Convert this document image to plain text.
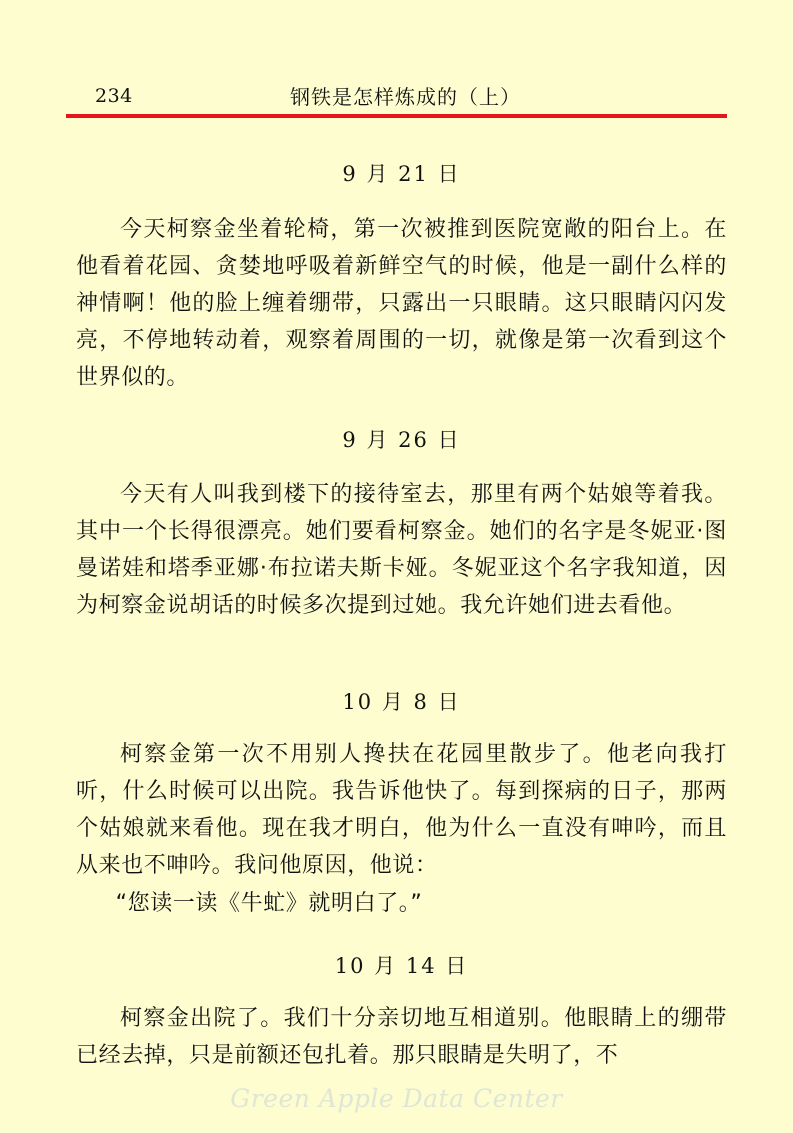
234	钢铁是怎样炼成的（上）
9 月 21 日
今天柯察金坐着轮椅，第一次被推到医院宽敞的阳台上。在他看着花园、贪婪地呼吸着新鲜空气的时候，他是一副什么样的神情啊！他的脸上缠着绷带，只露出一只眼睛。这只眼睛闪闪发亮，不停地转动着，观察着周围的一切，就像是第一次看到这个世界似的。
9 月 26 日
今天有人叫我到楼下的接待室去，那里有两个姑娘等着我。其中一个长得很漂亮。她们要看柯察金。她们的名字是冬妮亚·图曼诺娃和塔季亚娜·布拉诺夫斯卡娅。冬妮亚这个名字我知道，因为柯察金说胡话的时候多次提到过她。我允许她们进去看他。
10 月 8 日
柯察金第一次不用别人搀扶在花园里散步了。他老向我打听，什么时候可以出院。我告诉他快了。每到探病的日子，那两个姑娘就来看他。现在我才明白，他为什么一直没有呻吟，而且从来也不呻吟。我问他原因，他说：
“您读一读《牛虻》就明白了。”
10 月 14 日
柯察金出院了。我们十分亲切地互相道别。他眼睛上的绷带已经去掉，只是前额还包扎着。那只眼睛是失明了，不
Green Apple Data Center
